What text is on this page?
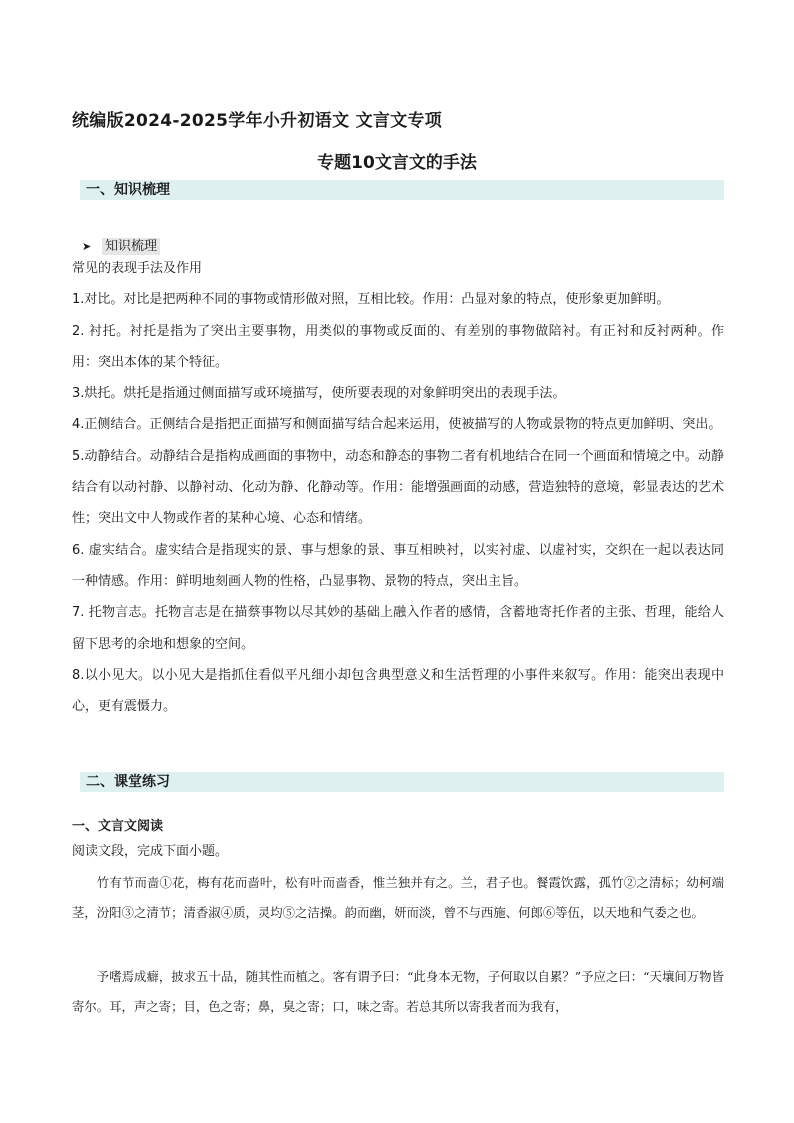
统编版2024-2025学年小升初语文 文言文专项
专题10文言文的手法
一、知识梳理
➤ 知识梳理

常见的表现手法及作用

1.对比。对比是把两种不同的事物或情形做对照，互相比较。作用：凸显对象的特点，使形象更加鲜明。

2. 衬托。衬托是指为了突出主要事物，用类似的事物或反面的、有差别的事物做陪衬。有正衬和反衬两种。作用：突出本体的某个特征。

3.烘托。烘托是指通过侧面描写或环境描写，使所要表现的对象鲜明突出的表现手法。

4.正侧结合。正侧结合是指把正面描写和侧面描写结合起来运用，使被描写的人物或景物的特点更加鲜明、突出。

5.动静结合。动静结合是指构成画面的事物中，动态和静态的事物二者有机地结合在同一个画面和情境之中。动静结合有以动衬静、以静衬动、化动为静、化静动等。作用：能增强画面的动感，营造独特的意境，彰显表达的艺术性；突出文中人物或作者的某种心境、心态和情绪。

6. 虚实结合。虚实结合是指现实的景、事与想象的景、事互相映衬，以实衬虚、以虚衬实，交织在一起以表达同一种情感。作用：鲜明地刻画人物的性格，凸显事物、景物的特点，突出主旨。

7. 托物言志。托物言志是在描蔡事物以尽其妙的基础上融入作者的感情，含蓄地寄托作者的主张、哲理，能给人留下思考的余地和想象的空间。

8.以小见大。以小见大是指抓住看似平凡细小却包含典型意义和生活哲理的小事件来叙写。作用：能突出表现中心，更有震慑力。

二、课堂练习
一、文言文阅读
阅读文段，完成下面小题。

竹有节而啬①花，梅有花而啬叶，松有叶而啬香，惟兰独并有之。兰，君子也。餐霞饮露，孤竹②之清标；幼柯端茎，汾阳③之清节；清香淑④质，灵均⑤之洁操。韵而幽，妍而淡，曾不与西施、何郎⑥等伍，以天地和气委之也。

予嗜焉成癖，披求五十品，随其性而植之。客有谓予曰：“此身本无物，子何取以自累？”予应之曰：“天壤间万物皆寄尔。耳，声之寄；目，色之寄；鼻，臭之寄；口，味之寄。若总其所以寄我者而为我有，
